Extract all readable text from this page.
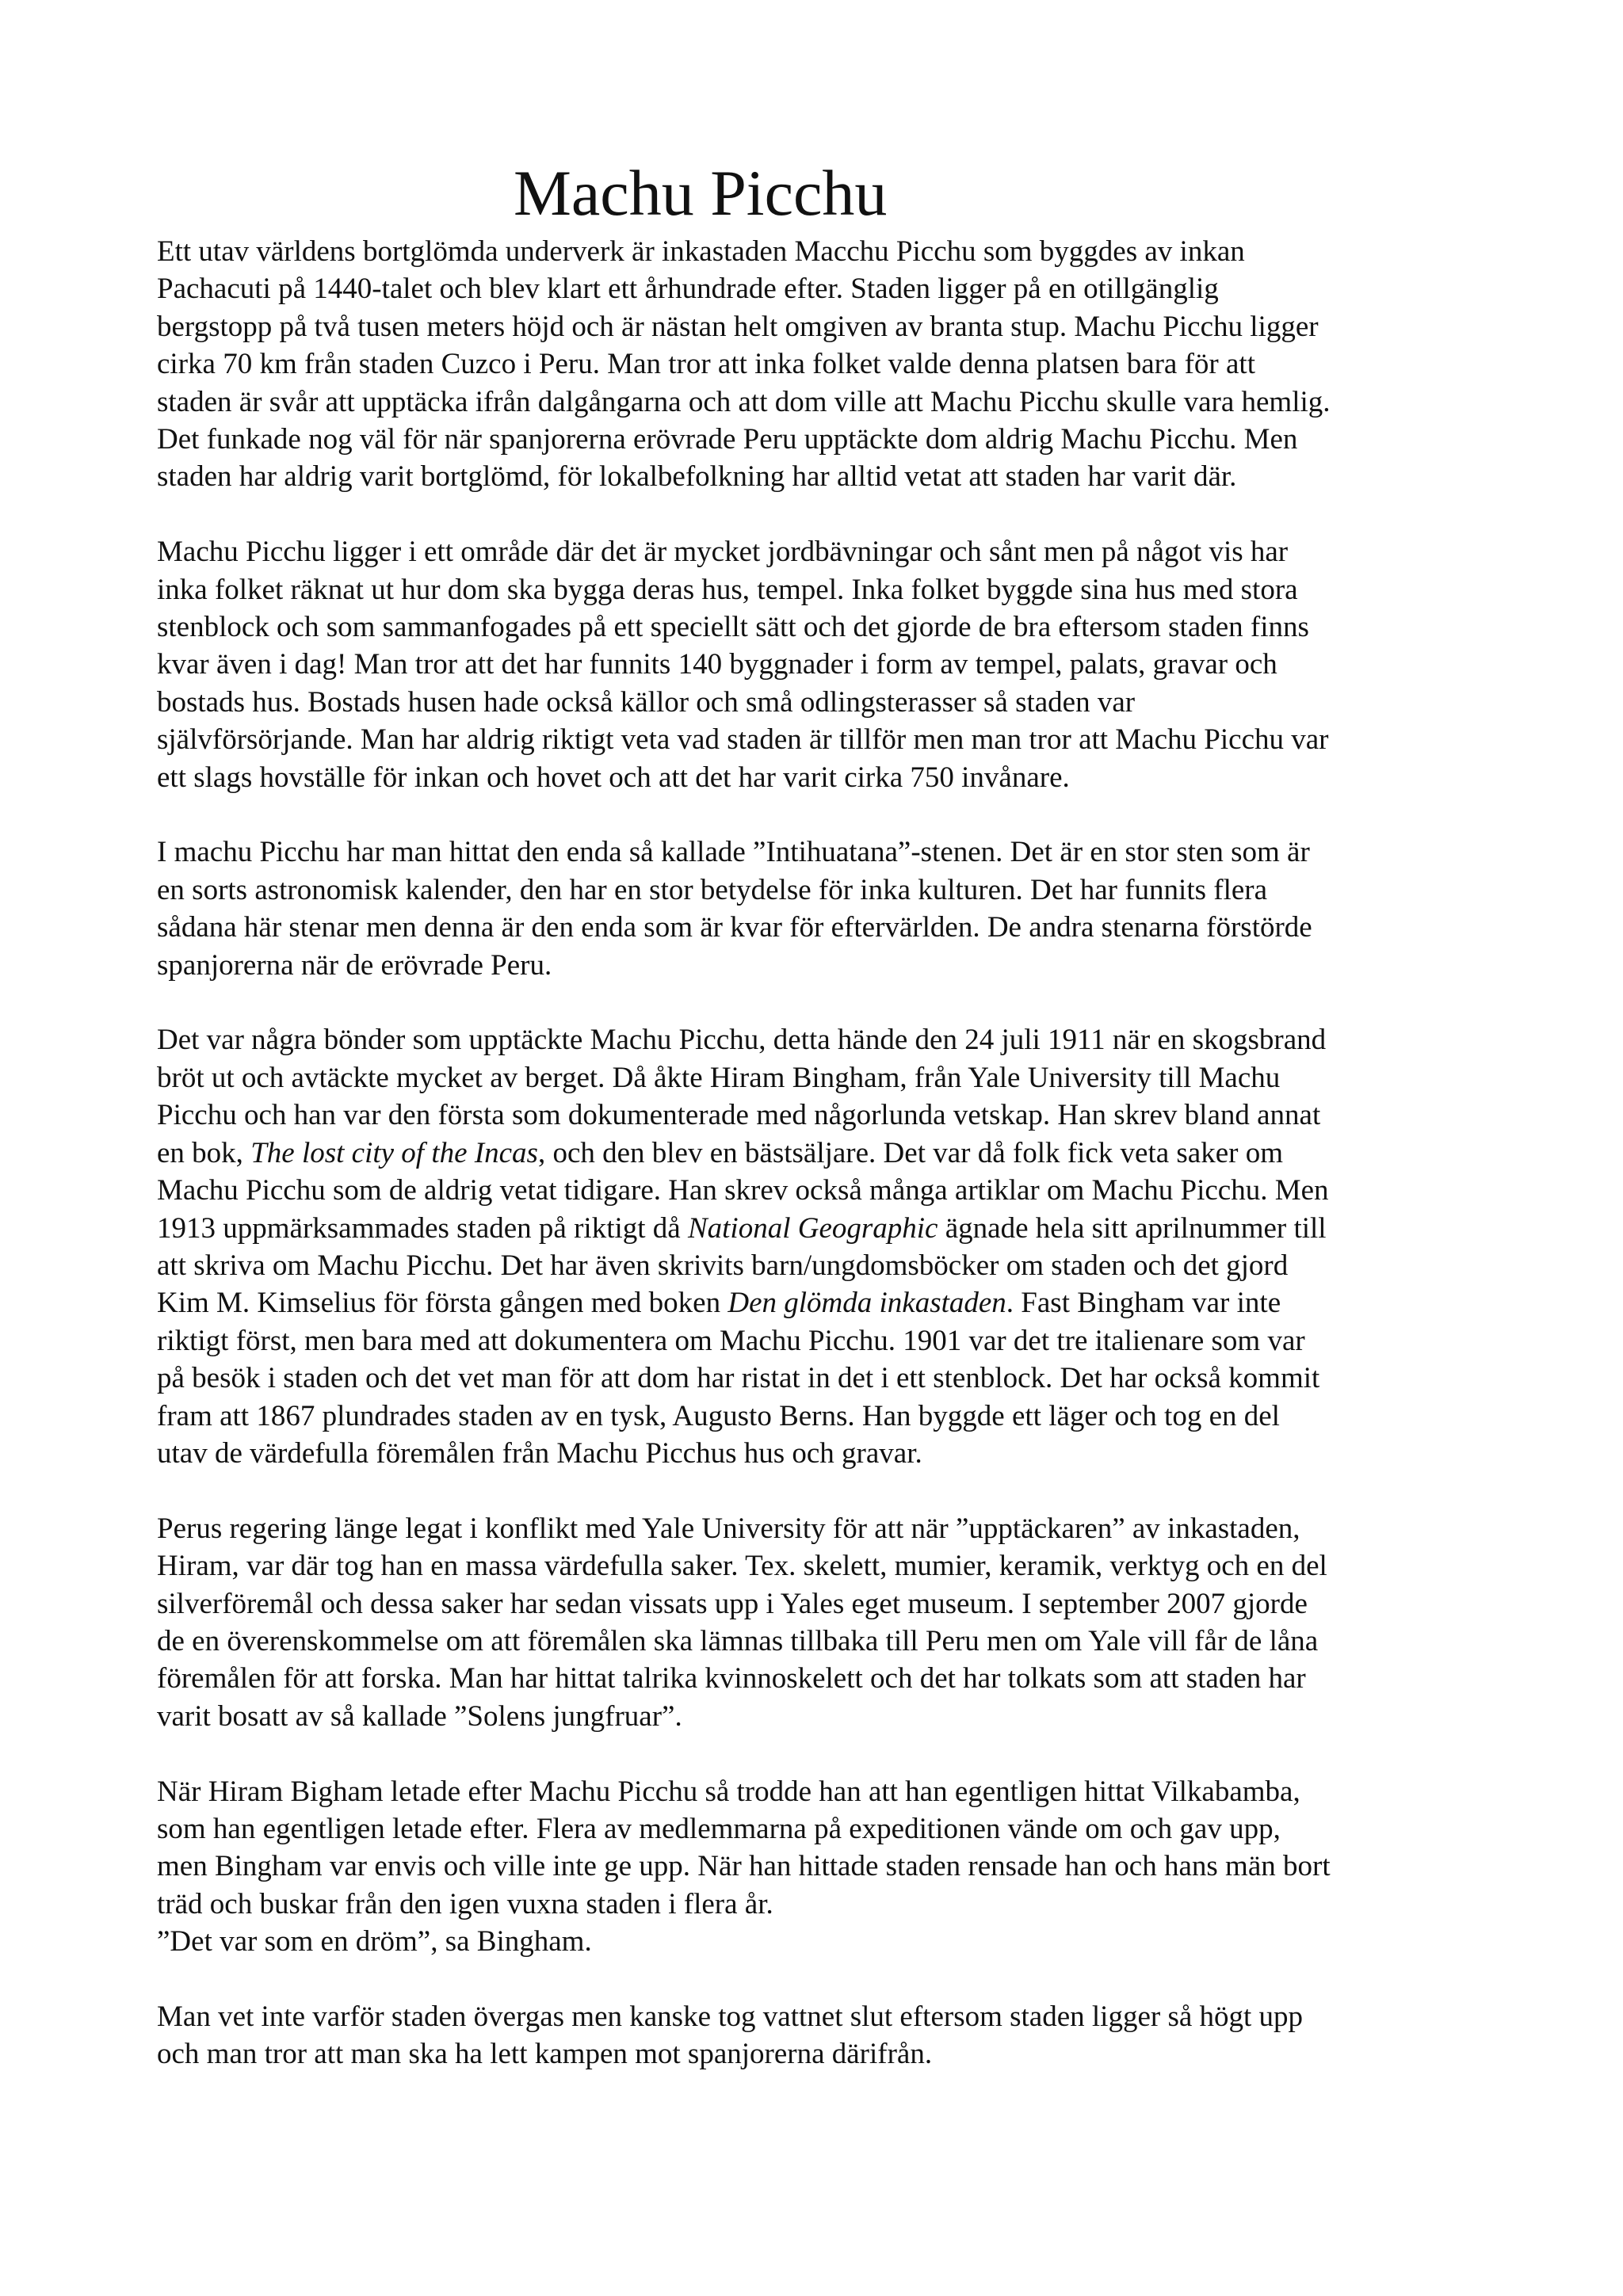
Machu Picchu

Ett utav världens bortglömda underverk är inkastaden Macchu Picchu som byggdes av inkan
Pachacuti på 1440-talet och blev klart ett århundrade efter. Staden ligger på en otillgänglig
bergstopp på två tusen meters höjd och är nästan helt omgiven av branta stup. Machu Picchu ligger
cirka 70 km från staden Cuzco i Peru. Man tror att inka folket valde denna platsen bara för att
staden är svår att upptäcka ifrån dalgångarna och att dom ville att Machu Picchu skulle vara hemlig.
Det funkade nog väl för när spanjorerna erövrade Peru upptäckte dom aldrig Machu Picchu. Men
staden har aldrig varit bortglömd, för lokalbefolkning har alltid vetat att staden har varit där.

Machu Picchu ligger i ett område där det är mycket jordbävningar och sånt men på något vis har
inka folket räknat ut hur dom ska bygga deras hus, tempel. Inka folket byggde sina hus med stora
stenblock och som sammanfogades på ett speciellt sätt och det gjorde de bra eftersom staden finns
kvar även i dag! Man tror att det har funnits 140 byggnader i form av tempel, palats, gravar och
bostads hus. Bostads husen hade också källor och små odlingsterasser så staden var
självförsörjande. Man har aldrig riktigt veta vad staden är tillför men man tror att Machu Picchu var
ett slags hovställe för inkan och hovet och att det har varit cirka 750 invånare.

I machu Picchu har man hittat den enda så kallade ”Intihuatana”-stenen. Det är en stor sten som är
en sorts astronomisk kalender, den har en stor betydelse för inka kulturen. Det har funnits flera
sådana här stenar men denna är den enda som är kvar för eftervärlden. De andra stenarna förstörde
spanjorerna när de erövrade Peru.

Det var några bönder som upptäckte Machu Picchu, detta hände den 24 juli 1911 när en skogsbrand
bröt ut och avtäckte mycket av berget. Då åkte Hiram Bingham, från Yale University till Machu
Picchu och han var den första som dokumenterade med någorlunda vetskap. Han skrev bland annat
en bok, The lost city of the Incas, och den blev en bästsäljare. Det var då folk fick veta saker om
Machu Picchu som de aldrig vetat tidigare. Han skrev också många artiklar om Machu Picchu. Men
1913 uppmärksammades staden på riktigt då National Geographic ägnade hela sitt aprilnummer till
att skriva om Machu Picchu. Det har även skrivits barn/ungdomsböcker om staden och det gjord
Kim M. Kimselius för första gången med boken Den glömda inkastaden. Fast Bingham var inte
riktigt först, men bara med att dokumentera om Machu Picchu. 1901 var det tre italienare som var
på besök i staden och det vet man för att dom har ristat in det i ett stenblock. Det har också kommit
fram att 1867 plundrades staden av en tysk, Augusto Berns. Han byggde ett läger och tog en del
utav de värdefulla föremålen från Machu Picchus hus och gravar.

Perus regering länge legat i konflikt med Yale University för att när ”upptäckaren” av inkastaden,
Hiram, var där tog han en massa värdefulla saker. Tex. skelett, mumier, keramik, verktyg och en del
silverföremål och dessa saker har sedan vissats upp i Yales eget museum. I september 2007 gjorde
de en överenskommelse om att föremålen ska lämnas tillbaka till Peru men om Yale vill får de låna
föremålen för att forska. Man har hittat talrika kvinnoskelett och det har tolkats som att staden har
varit bosatt av så kallade ”Solens jungfruar”.

När Hiram Bigham letade efter Machu Picchu så trodde han att han egentligen hittat Vilkabamba,
som han egentligen letade efter. Flera av medlemmarna på expeditionen vände om och gav upp,
men Bingham var envis och ville inte ge upp. När han hittade staden rensade han och hans män bort
träd och buskar från den igen vuxna staden i flera år.
”Det var som en dröm”, sa Bingham.

Man vet inte varför staden övergas men kanske tog vattnet slut eftersom staden ligger så högt upp
och man tror att man ska ha lett kampen mot spanjorerna därifrån.
